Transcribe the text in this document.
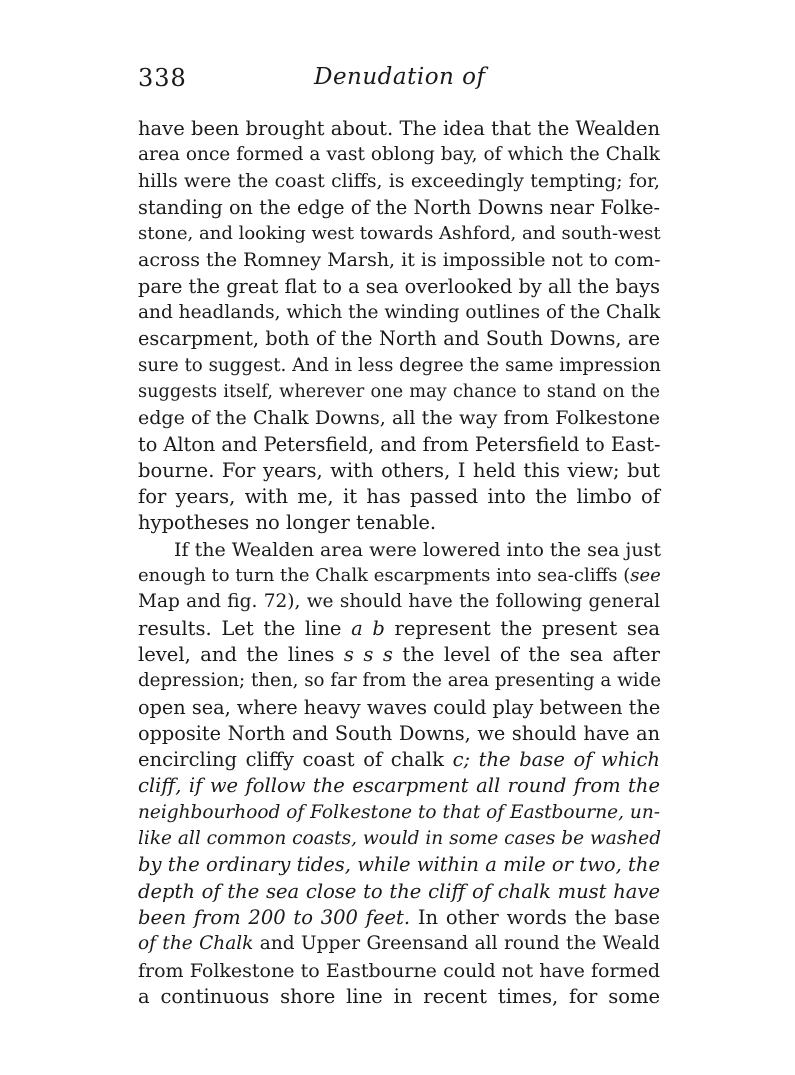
338	Denudation of
have been brought about. The idea that the Wealden
area once formed a vast oblong bay, of which the Chalk
hills were the coast cliffs, is exceedingly tempting; for,
standing on the edge of the North Downs near Folke-
stone, and looking west towards Ashford, and south-west
across the Romney Marsh, it is impossible not to com-
pare the great flat to a sea overlooked by all the bays
and headlands, which the winding outlines of the Chalk
escarpment, both of the North and South Downs, are
sure to suggest. And in less degree the same impression
suggests itself, wherever one may chance to stand on the
edge of the Chalk Downs, all the way from Folkestone
to Alton and Petersfield, and from Petersfield to East-
bourne. For years, with others, I held this view; but
for years, with me, it has passed into the limbo of
hypotheses no longer tenable.
If the Wealden area were lowered into the sea just
enough to turn the Chalk escarpments into sea-cliffs (see
Map and fig. 72), we should have the following general
results. Let the line a b represent the present sea
level, and the lines s s s the level of the sea after
depression; then, so far from the area presenting a wide
open sea, where heavy waves could play between the
opposite North and South Downs, we should have an
encircling cliffy coast of chalk c; the base of which
cliff, if we follow the escarpment all round from the
neighbourhood of Folkestone to that of Eastbourne, un-
like all common coasts, would in some cases be washed
by the ordinary tides, while within a mile or two, the
depth of the sea close to the cliff of chalk must have
been from 200 to 300 feet. In other words the base
of the Chalk and Upper Greensand all round the Weald
from Folkestone to Eastbourne could not have formed
a continuous shore line in recent times, for some
